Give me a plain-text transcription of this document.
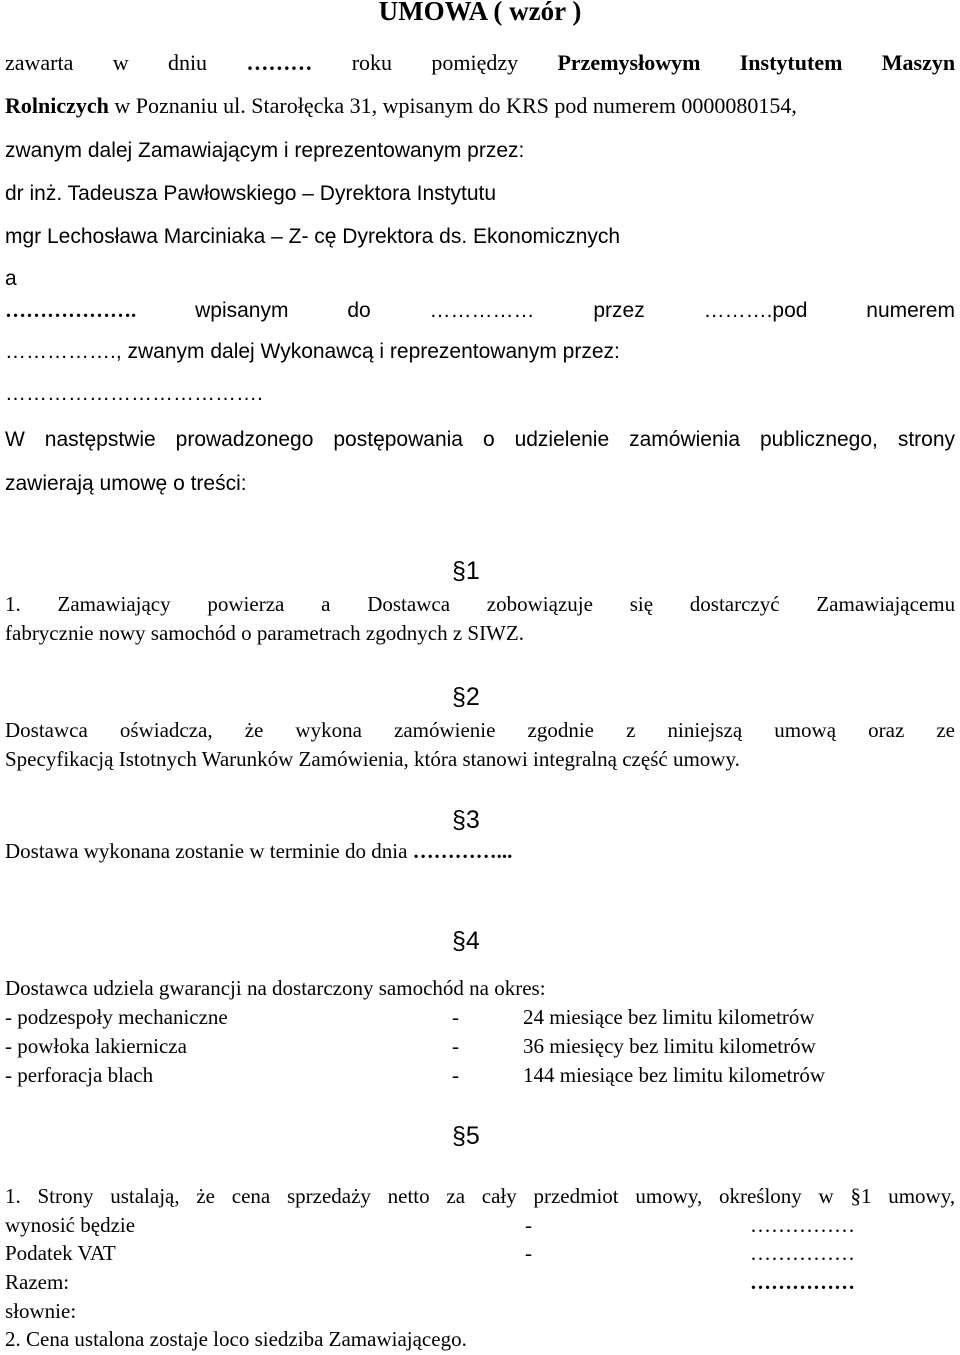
UMOWA ( wzór )
zawarta w dniu ……… roku pomiędzy Przemysłowym Instytutem Maszyn
Rolniczych w Poznaniu ul. Starołęcka 31, wpisanym do KRS pod numerem 0000080154,
zwanym dalej Zamawiającym i reprezentowanym przez:
dr inż. Tadeusza Pawłowskiego – Dyrektora Instytutu
mgr Lechosława Marciniaka – Z- cę Dyrektora ds. Ekonomicznych
a
……………….	wpisanym	do	……………	przez	……….pod	numerem
……………., zwanym dalej Wykonawcą i reprezentowanym przez:
……………………………….
W następstwie prowadzonego postępowania o udzielenie zamówienia publicznego, strony
zawierają umowę o treści:
§1
1. Zamawiający powierza a Dostawca zobowiązuje się dostarczyć Zamawiającemu
fabrycznie nowy samochód o parametrach zgodnych z SIWZ.
§2
Dostawca oświadcza, że wykona zamówienie zgodnie z niniejszą umową oraz ze
Specyfikacją Istotnych Warunków Zamówienia, która stanowi integralną część umowy.
§3
Dostawa wykonana zostanie w terminie do dnia …………...
§4
Dostawca udziela gwarancji na dostarczony samochód na okres:
- podzespoły mechaniczne	-	24 miesiące bez limitu kilometrów
- powłoka lakiernicza	-	36 miesięcy bez limitu kilometrów
- perforacja blach	-	144 miesiące bez limitu kilometrów
§5
1. Strony ustalają, że cena sprzedaży netto za cały przedmiot umowy, określony w §1 umowy,
wynosić będzie	-	……………
Podatek VAT	-	……………
Razem:	……………
słownie:
2. Cena ustalona zostaje loco siedziba Zamawiającego.
